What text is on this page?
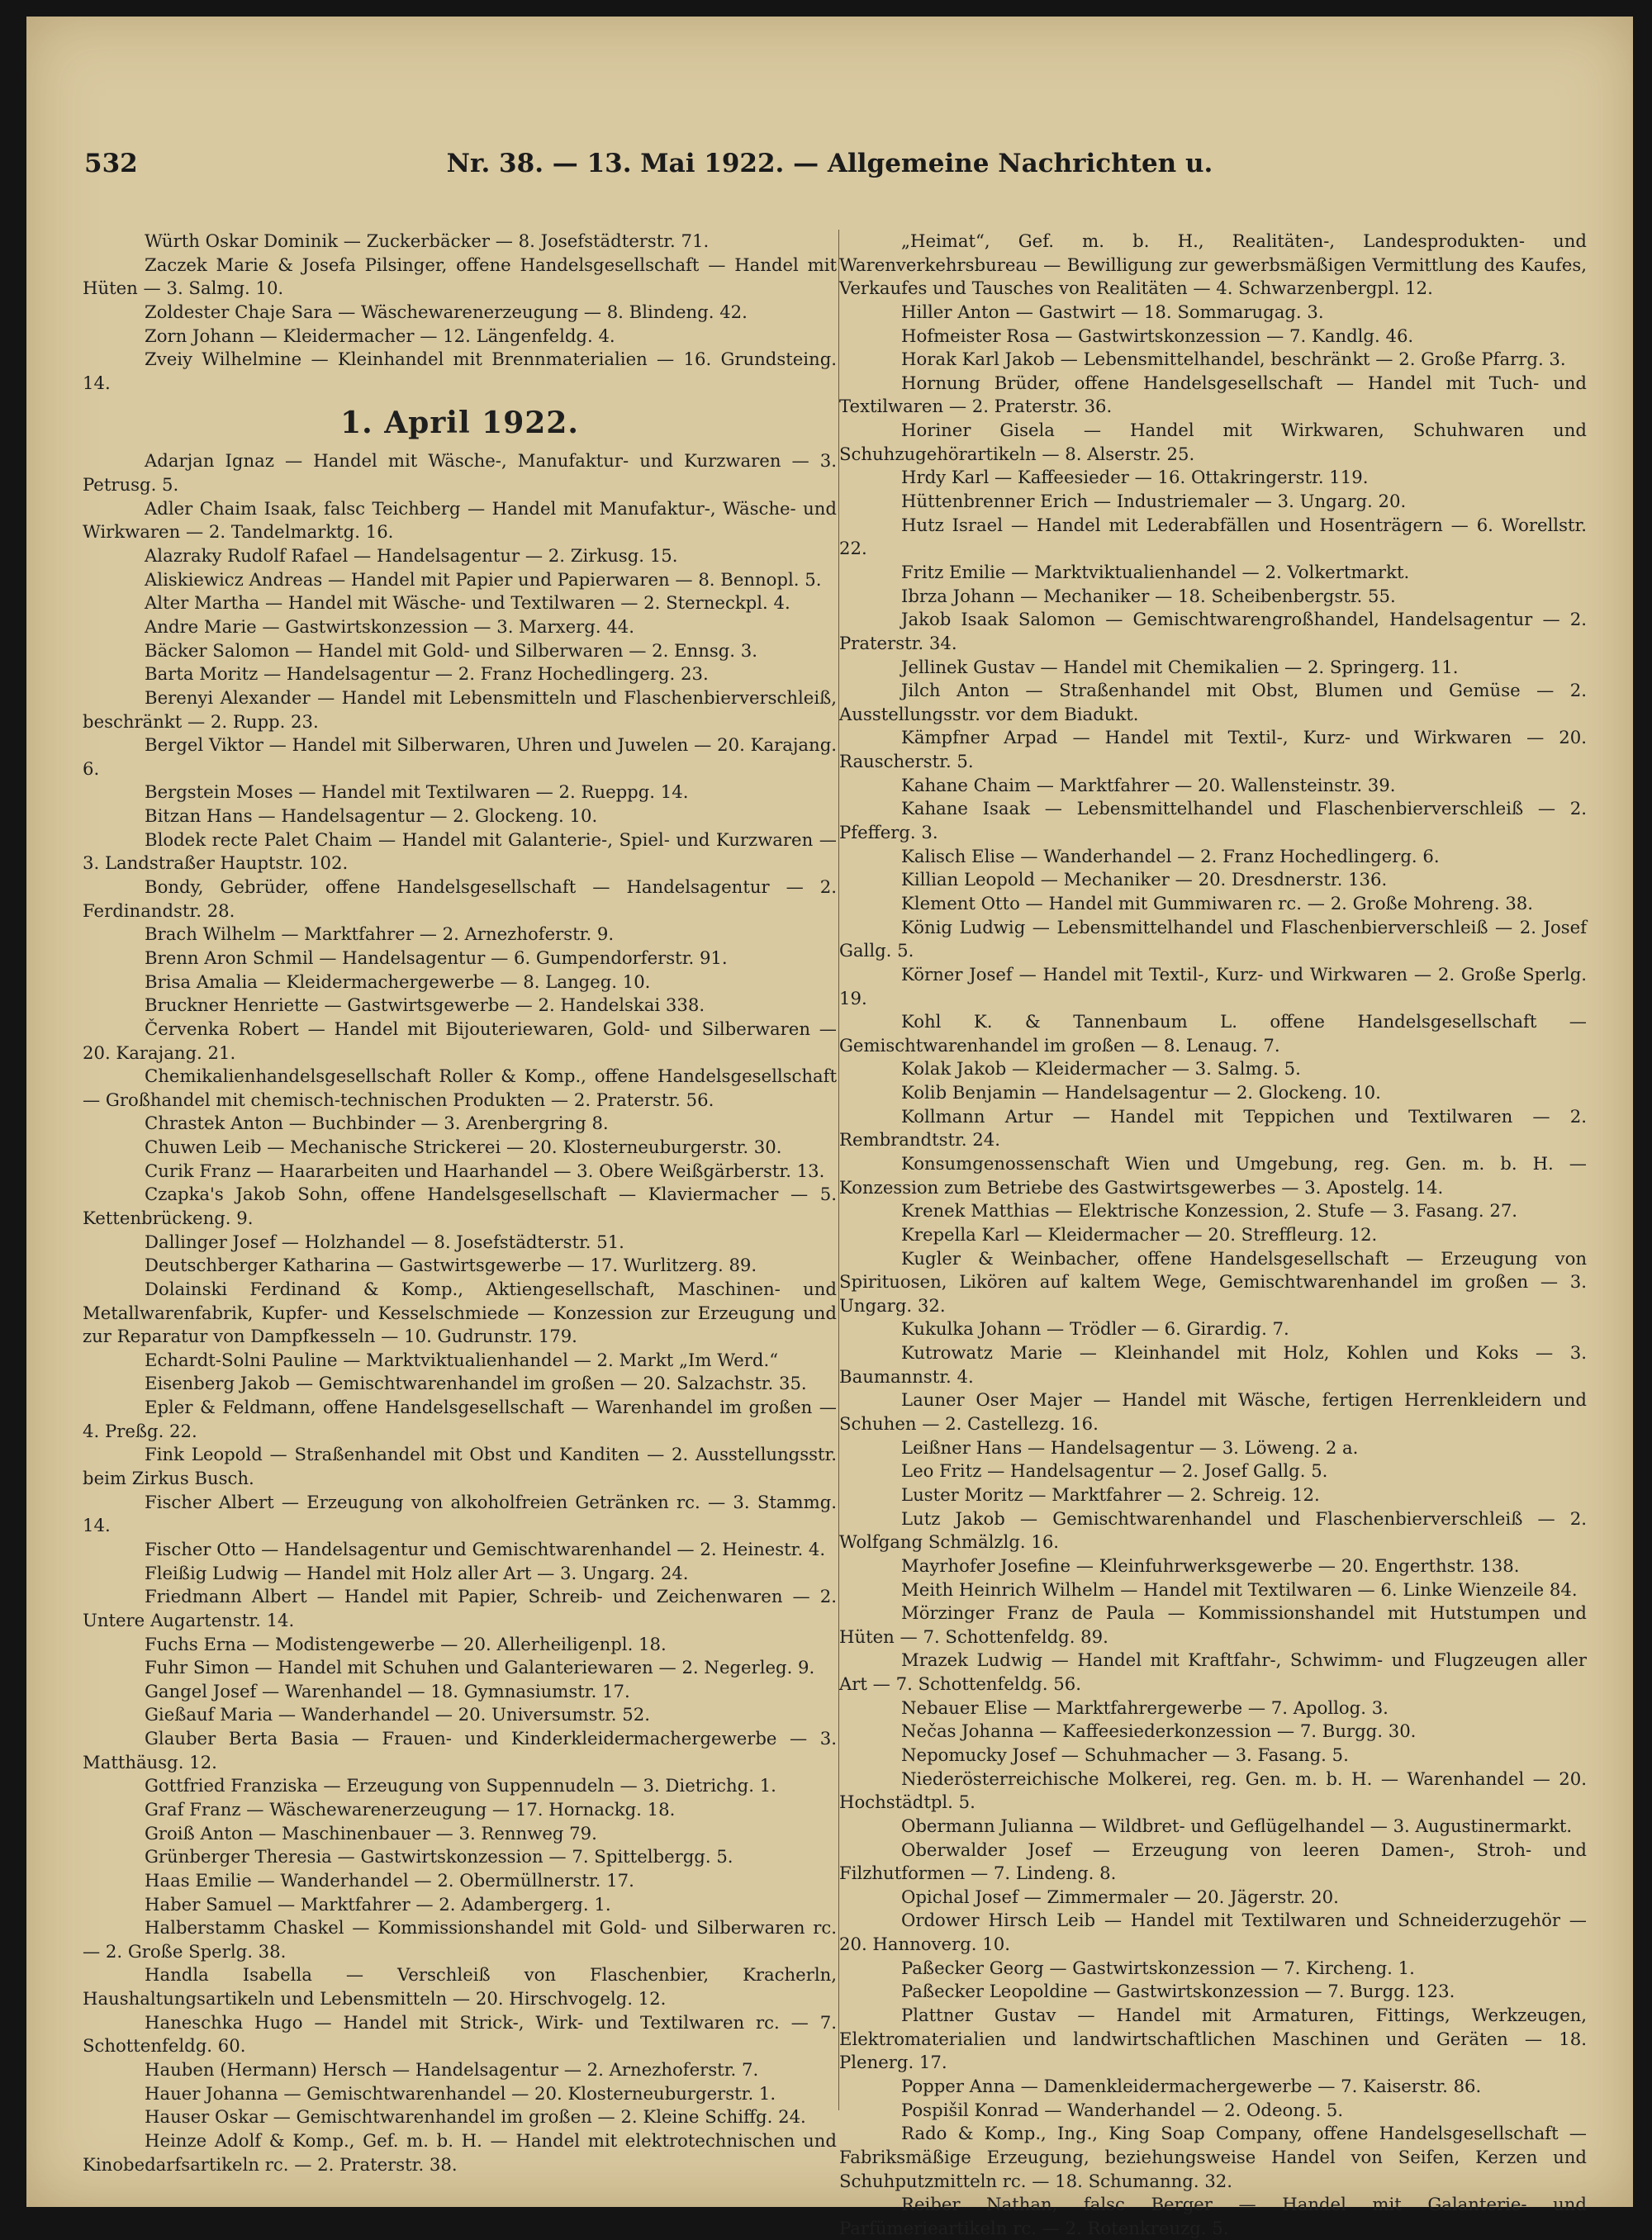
532	Nr. 38. — 13. Mai 1922. — Allgemeine Nachrichten u.

Würth Oskar Dominik — Zuckerbäcker — 8. Josefstädterstr. 71.

Zaczek Marie & Josefa Pilsinger, offene Handelsgesellschaft — Handel mit Hüten — 3. Salmg. 10.

Zoldester Chaje Sara — Wäschewarenerzeugung — 8. Blindeng. 42.

Zorn Johann — Kleidermacher — 12. Längenfeldg. 4.

Zveiy Wilhelmine — Kleinhandel mit Brennmaterialien — 16. Grundsteing. 14.

1. April 1922.

Adarjan Ignaz — Handel mit Wäsche-, Manufaktur- und Kurzwaren — 3. Petrusg. 5.

Adler Chaim Isaak, falsc Teichberg — Handel mit Manufaktur-, Wäsche- und Wirkwaren — 2. Tandelmarktg. 16.

Alazraky Rudolf Rafael — Handelsagentur — 2. Zirkusg. 15.

Aliskiewicz Andreas — Handel mit Papier und Papierwaren — 8. Bennopl. 5.

Alter Martha — Handel mit Wäsche- und Textilwaren — 2. Sterneckpl. 4.

Andre Marie — Gastwirtskonzession — 3. Marxerg. 44.

Bäcker Salomon — Handel mit Gold- und Silberwaren — 2. Ennsg. 3.

Barta Moritz — Handelsagentur — 2. Franz Hochedlingerg. 23.

Berenyi Alexander — Handel mit Lebensmitteln und Flaschenbierverschleiß, beschränkt — 2. Rupp. 23.

Bergel Viktor — Handel mit Silberwaren, Uhren und Juwelen — 20. Karajang. 6.

Bergstein Moses — Handel mit Textilwaren — 2. Rueppg. 14.

Bitzan Hans — Handelsagentur — 2. Glockeng. 10.

Blodek recte Palet Chaim — Handel mit Galanterie-, Spiel- und Kurzwaren — 3. Landstraßer Hauptstr. 102.

Bondy, Gebrüder, offene Handelsgesellschaft — Handelsagentur — 2. Ferdinandstr. 28.

Brach Wilhelm — Marktfahrer — 2. Arnezhoferstr. 9.

Brenn Aron Schmil — Handelsagentur — 6. Gumpendorferstr. 91.

Brisa Amalia — Kleidermachergewerbe — 8. Langeg. 10.

Bruckner Henriette — Gastwirtsgewerbe — 2. Handelskai 338.

Červenka Robert — Handel mit Bijouteriewaren, Gold- und Silberwaren — 20. Karajang. 21.

Chemikalienhandelsgesellschaft Roller & Komp., offene Handelsgesellschaft — Großhandel mit chemisch-technischen Produkten — 2. Praterstr. 56.

Chrastek Anton — Buchbinder — 3. Arenbergring 8.

Chuwen Leib — Mechanische Strickerei — 20. Klosterneuburgerstr. 30.

Curik Franz — Haararbeiten und Haarhandel — 3. Obere Weißgärberstr. 13.

Czapka's Jakob Sohn, offene Handelsgesellschaft — Klaviermacher — 5. Kettenbrückeng. 9.

Dallinger Josef — Holzhandel — 8. Josefstädterstr. 51.

Deutschberger Katharina — Gastwirtsgewerbe — 17. Wurlitzerg. 89.

Dolainski Ferdinand & Komp., Aktiengesellschaft, Maschinen- und Metallwarenfabrik, Kupfer- und Kesselschmiede — Konzession zur Erzeugung und zur Reparatur von Dampfkesseln — 10. Gudrunstr. 179.

Echardt-Solni Pauline — Marktviktualienhandel — 2. Markt „Im Werd.“

Eisenberg Jakob — Gemischtwarenhandel im großen — 20. Salzachstr. 35.

Epler & Feldmann, offene Handelsgesellschaft — Warenhandel im großen — 4. Preßg. 22.

Fink Leopold — Straßenhandel mit Obst und Kanditen — 2. Ausstellungsstr. beim Zirkus Busch.

Fischer Albert — Erzeugung von alkoholfreien Getränken rc. — 3. Stammg. 14.

Fischer Otto — Handelsagentur und Gemischtwarenhandel — 2. Heinestr. 4.

Fleißig Ludwig — Handel mit Holz aller Art — 3. Ungarg. 24.

Friedmann Albert — Handel mit Papier, Schreib- und Zeichenwaren — 2. Untere Augartenstr. 14.

Fuchs Erna — Modistengewerbe — 20. Allerheiligenpl. 18.

Fuhr Simon — Handel mit Schuhen und Galanteriewaren — 2. Negerleg. 9.

Gangel Josef — Warenhandel — 18. Gymnasiumstr. 17.

Gießauf Maria — Wanderhandel — 20. Universumstr. 52.

Glauber Berta Basia — Frauen- und Kinderkleidermachergewerbe — 3. Matthäusg. 12.

Gottfried Franziska — Erzeugung von Suppennudeln — 3. Dietrichg. 1.

Graf Franz — Wäschewarenerzeugung — 17. Hornackg. 18.

Groiß Anton — Maschinenbauer — 3. Rennweg 79.

Grünberger Theresia — Gastwirtskonzession — 7. Spittelbergg. 5.

Haas Emilie — Wanderhandel — 2. Obermüllnerstr. 17.

Haber Samuel — Marktfahrer — 2. Adambergerg. 1.

Halberstamm Chaskel — Kommissionshandel mit Gold- und Silberwaren rc. — 2. Große Sperlg. 38.

Handla Isabella — Verschleiß von Flaschenbier, Kracherln, Haushaltungsartikeln und Lebensmitteln — 20. Hirschvogelg. 12.

Haneschka Hugo — Handel mit Strick-, Wirk- und Textilwaren rc. — 7. Schottenfeldg. 60.

Hauben (Hermann) Hersch — Handelsagentur — 2. Arnezhoferstr. 7.

Hauer Johanna — Gemischtwarenhandel — 20. Klosterneuburgerstr. 1.

Hauser Oskar — Gemischtwarenhandel im großen — 2. Kleine Schiffg. 24.

Heinze Adolf & Komp., Gef. m. b. H. — Handel mit elektrotechnischen und Kinobedarfsartikeln rc. — 2. Praterstr. 38.

„Heimat“, Gef. m. b. H., Realitäten-, Landesprodukten- und Warenverkehrsbureau — Bewilligung zur gewerbsmäßigen Vermittlung des Kaufes, Verkaufes und Tausches von Realitäten — 4. Schwarzenbergpl. 12.

Hiller Anton — Gastwirt — 18. Sommarugag. 3.

Hofmeister Rosa — Gastwirtskonzession — 7. Kandlg. 46.

Horak Karl Jakob — Lebensmittelhandel, beschränkt — 2. Große Pfarrg. 3.

Hornung Brüder, offene Handelsgesellschaft — Handel mit Tuch- und Textilwaren — 2. Praterstr. 36.

Horiner Gisela — Handel mit Wirkwaren, Schuhwaren und Schuhzugehörartikeln — 8. Alserstr. 25.

Hrdy Karl — Kaffeesieder — 16. Ottakringerstr. 119.

Hüttenbrenner Erich — Industriemaler — 3. Ungarg. 20.

Hutz Israel — Handel mit Lederabfällen und Hosenträgern — 6. Worellstr. 22.

Fritz Emilie — Marktviktualienhandel — 2. Volkertmarkt.

Ibrza Johann — Mechaniker — 18. Scheibenbergstr. 55.

Jakob Isaak Salomon — Gemischtwarengroßhandel, Handelsagentur — 2. Praterstr. 34.

Jellinek Gustav — Handel mit Chemikalien — 2. Springerg. 11.

Jilch Anton — Straßenhandel mit Obst, Blumen und Gemüse — 2. Ausstellungsstr. vor dem Biadukt.

Kämpfner Arpad — Handel mit Textil-, Kurz- und Wirkwaren — 20. Rauscherstr. 5.

Kahane Chaim — Marktfahrer — 20. Wallensteinstr. 39.

Kahane Isaak — Lebensmittelhandel und Flaschenbierverschleiß — 2. Pfefferg. 3.

Kalisch Elise — Wanderhandel — 2. Franz Hochedlingerg. 6.

Killian Leopold — Mechaniker — 20. Dresdnerstr. 136.

Klement Otto — Handel mit Gummiwaren rc. — 2. Große Mohreng. 38.

König Ludwig — Lebensmittelhandel und Flaschenbierverschleiß — 2. Josef Gallg. 5.

Körner Josef — Handel mit Textil-, Kurz- und Wirkwaren — 2. Große Sperlg. 19.

Kohl K. & Tannenbaum L. offene Handelsgesellschaft — Gemischtwarenhandel im großen — 8. Lenaug. 7.

Kolak Jakob — Kleidermacher — 3. Salmg. 5.

Kolib Benjamin — Handelsagentur — 2. Glockeng. 10.

Kollmann Artur — Handel mit Teppichen und Textilwaren — 2. Rembrandtstr. 24.

Konsumgenossenschaft Wien und Umgebung, reg. Gen. m. b. H. — Konzession zum Betriebe des Gastwirtsgewerbes — 3. Apostelg. 14.

Krenek Matthias — Elektrische Konzession, 2. Stufe — 3. Fasang. 27.

Krepella Karl — Kleidermacher — 20. Streffleurg. 12.

Kugler & Weinbacher, offene Handelsgesellschaft — Erzeugung von Spirituosen, Likören auf kaltem Wege, Gemischtwarenhandel im großen — 3. Ungarg. 32.

Kukulka Johann — Trödler — 6. Girardig. 7.

Kutrowatz Marie — Kleinhandel mit Holz, Kohlen und Koks — 3. Baumannstr. 4.

Launer Oser Majer — Handel mit Wäsche, fertigen Herrenkleidern und Schuhen — 2. Castellezg. 16.

Leißner Hans — Handelsagentur — 3. Löweng. 2 a.

Leo Fritz — Handelsagentur — 2. Josef Gallg. 5.

Luster Moritz — Marktfahrer — 2. Schreig. 12.

Lutz Jakob — Gemischtwarenhandel und Flaschenbierverschleiß — 2. Wolfgang Schmälzlg. 16.

Mayrhofer Josefine — Kleinfuhrwerksgewerbe — 20. Engerthstr. 138.

Meith Heinrich Wilhelm — Handel mit Textilwaren — 6. Linke Wienzeile 84.

Mörzinger Franz de Paula — Kommissionshandel mit Hutstumpen und Hüten — 7. Schottenfeldg. 89.

Mrazek Ludwig — Handel mit Kraftfahr-, Schwimm- und Flugzeugen aller Art — 7. Schottenfeldg. 56.

Nebauer Elise — Marktfahrergewerbe — 7. Apollog. 3.

Nečas Johanna — Kaffeesiederkonzession — 7. Burgg. 30.

Nepomucky Josef — Schuhmacher — 3. Fasang. 5.

Niederösterreichische Molkerei, reg. Gen. m. b. H. — Warenhandel — 20. Hochstädtpl. 5.

Obermann Julianna — Wildbret- und Geflügelhandel — 3. Augustinermarkt.

Oberwalder Josef — Erzeugung von leeren Damen-, Stroh- und Filzhutformen — 7. Lindeng. 8.

Opichal Josef — Zimmermaler — 20. Jägerstr. 20.

Ordower Hirsch Leib — Handel mit Textilwaren und Schneiderzugehör — 20. Hannoverg. 10.

Paßecker Georg — Gastwirtskonzession — 7. Kircheng. 1.

Paßecker Leopoldine — Gastwirtskonzession — 7. Burgg. 123.

Plattner Gustav — Handel mit Armaturen, Fittings, Werkzeugen, Elektromaterialien und landwirtschaftlichen Maschinen und Geräten — 18. Plenerg. 17.

Popper Anna — Damenkleidermachergewerbe — 7. Kaiserstr. 86.

Pospišil Konrad — Wanderhandel — 2. Odeong. 5.

Rado & Komp., Ing., King Soap Company, offene Handelsgesellschaft — Fabriksmäßige Erzeugung, beziehungsweise Handel von Seifen, Kerzen und Schuhputzmitteln rc. — 18. Schumanng. 32.

Reiber Nathan, falsc Berger — Handel mit Galanterie- und Parfümerieartikeln rc. — 2. Rotenkreuzg. 5.
